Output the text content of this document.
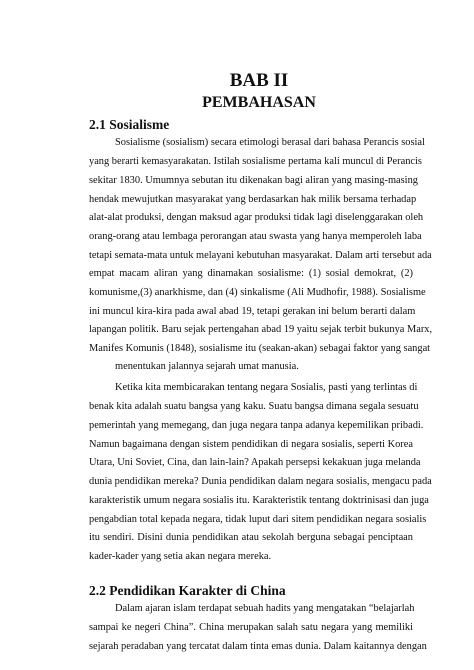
BAB II
PEMBAHASAN
2.1 Sosialisme
Sosialisme (sosialism) secara etimologi berasal dari bahasa Perancis sosial
yang berarti kemasyarakatan. Istilah sosialisme pertama kali muncul di Perancis
sekitar 1830. Umumnya sebutan itu dikenakan bagi aliran yang masing-masing
hendak mewujutkan masyarakat yang berdasarkan hak milik bersama terhadap
alat-alat produksi, dengan maksud agar produksi tidak lagi diselenggarakan oleh
orang-orang atau lembaga perorangan atau swasta yang hanya memperoleh laba
tetapi semata-mata untuk melayani kebutuhan masyarakat. Dalam arti tersebut ada
empat macam aliran yang dinamakan sosialisme: (1) sosial demokrat, (2)
komunisme,(3) anarkhisme, dan (4) sinkalisme (Ali Mudhofir, 1988). Sosialisme
ini muncul kira-kira pada awal abad 19, tetapi gerakan ini belum berarti dalam
lapangan politik. Baru sejak pertengahan abad 19 yaitu sejak terbit bukunya Marx,
Manifes Komunis (1848), sosialisme itu (seakan-akan) sebagai faktor yang sangat
menentukan jalannya sejarah umat manusia.
Ketika kita membicarakan tentang negara Sosialis, pasti yang terlintas di
benak kita adalah suatu bangsa yang kaku. Suatu bangsa dimana segala sesuatu
pemerintah yang memegang, dan juga negara tanpa adanya kepemilikan pribadi.
Namun bagaimana dengan sistem pendidikan di negara sosialis, seperti Korea
Utara, Uni Soviet, Cina, dan lain-lain? Apakah persepsi kekakuan juga melanda
dunia pendidikan mereka? Dunia pendidikan dalam negara sosialis, mengacu pada
karakteristik umum negara sosialis itu. Karakteristik tentang doktrinisasi dan juga
pengabdian total kepada negara, tidak luput dari sitem pendidikan negara sosialis
itu sendiri. Disini dunia pendidikan atau sekolah berguna sebagai penciptaan
kader-kader yang setia akan negara mereka.
2.2 Pendidikan Karakter di China
Dalam ajaran islam terdapat sebuah hadits yang mengatakan “belajarlah
sampai ke negeri China”. China merupakan salah satu negara yang memiliki
sejarah peradaban yang tercatat dalam tinta emas dunia. Dalam kaitannya dengan
